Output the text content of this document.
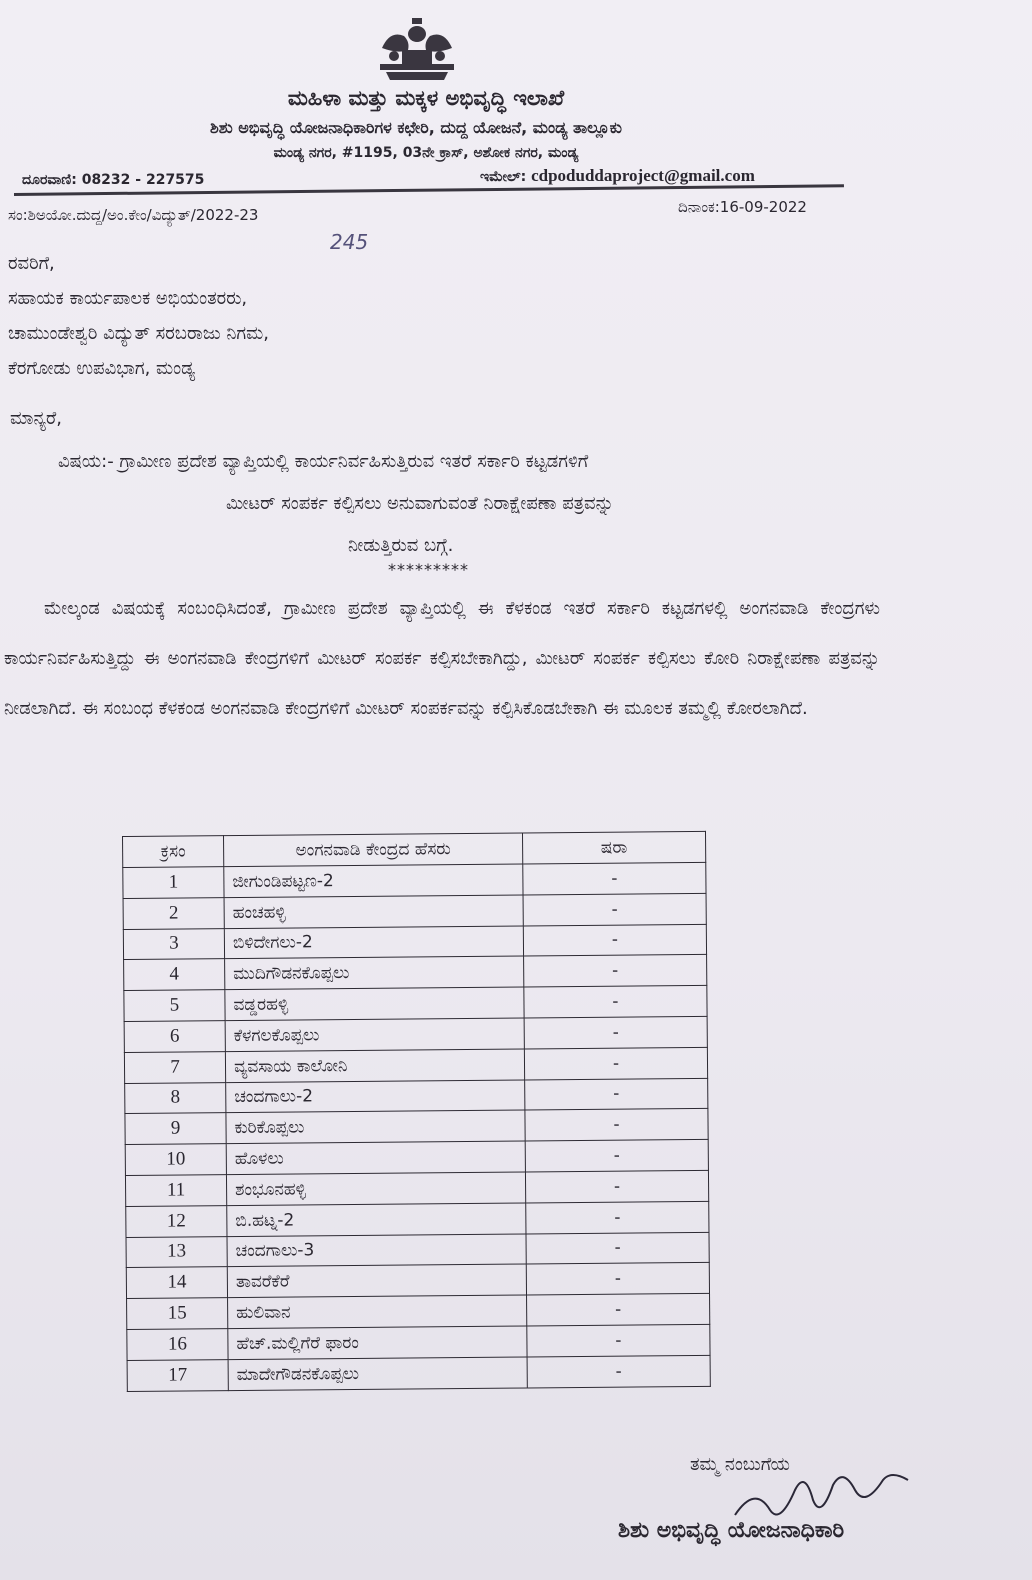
ಮಹಿಳಾ ಮತ್ತು ಮಕ್ಕಳ ಅಭಿವೃದ್ಧಿ ಇಲಾಖೆ
ಶಿಶು ಅಭಿವೃದ್ಧಿ ಯೋಜನಾಧಿಕಾರಿಗಳ ಕಛೇರಿ, ದುದ್ದ ಯೋಜನೆ, ಮಂಡ್ಯ ತಾಲ್ಲೂಕು
ಮಂಡ್ಯ ನಗರ, #1195, 03ನೇ ಕ್ರಾಸ್, ಅಶೋಕ ನಗರ, ಮಂಡ್ಯ
ದೂರವಾಣಿ: 08232 - 227575	ಇಮೇಲ್: cdpoduddaproject@gmail.com
ಸಂ:ಶಿಅಯೋ.ದುದ್ದ/ಅಂ.ಕೇಂ/ವಿದ್ಯುತ್/2022-23	ದಿನಾಂಕ:16-09-2022
245
ರವರಿಗೆ,
ಸಹಾಯಕ ಕಾರ್ಯಪಾಲಕ ಅಭಿಯಂತರರು,
ಚಾಮುಂಡೇಶ್ವರಿ ವಿದ್ಯುತ್ ಸರಬರಾಜು ನಿಗಮ,
ಕೆರಗೋಡು ಉಪವಿಭಾಗ, ಮಂಡ್ಯ
ಮಾನ್ಯರೆ,
ವಿಷಯ:- ಗ್ರಾಮೀಣ ಪ್ರದೇಶ ವ್ಯಾಪ್ತಿಯಲ್ಲಿ ಕಾರ್ಯನಿರ್ವಹಿಸುತ್ತಿರುವ ಇತರೆ ಸರ್ಕಾರಿ ಕಟ್ಟಡಗಳಿಗೆ
ಮೀಟರ್ ಸಂಪರ್ಕ ಕಲ್ಪಿಸಲು ಅನುವಾಗುವಂತೆ ನಿರಾಕ್ಷೇಪಣಾ ಪತ್ರವನ್ನು
ನೀಡುತ್ತಿರುವ ಬಗ್ಗೆ.
*********

ಮೇಲ್ಕಂಡ ವಿಷಯಕ್ಕೆ ಸಂಬಂಧಿಸಿದಂತೆ, ಗ್ರಾಮೀಣ ಪ್ರದೇಶ ವ್ಯಾಪ್ತಿಯಲ್ಲಿ ಈ ಕೆಳಕಂಡ ಇತರೆ ಸರ್ಕಾರಿ ಕಟ್ಟಡಗಳಲ್ಲಿ ಅಂಗನವಾಡಿ ಕೇಂದ್ರಗಳು ಕಾರ್ಯನಿರ್ವಹಿಸುತ್ತಿದ್ದು ಈ ಅಂಗನವಾಡಿ ಕೇಂದ್ರಗಳಿಗೆ ಮೀಟರ್ ಸಂಪರ್ಕ ಕಲ್ಪಿಸಬೇಕಾಗಿದ್ದು, ಮೀಟರ್ ಸಂಪರ್ಕ ಕಲ್ಪಿಸಲು ಕೋರಿ ನಿರಾಕ್ಷೇಪಣಾ ಪತ್ರವನ್ನು ನೀಡಲಾಗಿದೆ. ಈ ಸಂಬಂಧ ಕೆಳಕಂಡ ಅಂಗನವಾಡಿ ಕೇಂದ್ರಗಳಿಗೆ ಮೀಟರ್ ಸಂಪರ್ಕವನ್ನು ಕಲ್ಪಿಸಿಕೊಡಬೇಕಾಗಿ ಈ ಮೂಲಕ ತಮ್ಮಲ್ಲಿ ಕೋರಲಾಗಿದೆ.

ಕ್ರಸಂ	ಅಂಗನವಾಡಿ ಕೇಂದ್ರದ ಹೆಸರು	ಷರಾ
1	ಜೀಗುಂಡಿಪಟ್ಟಣ-2	-
2	ಹಂಚಹಳ್ಳಿ	-
3	ಬಿಳಿದೇಗಲು-2	-
4	ಮುದಿಗೌಡನಕೊಪ್ಪಲು	-
5	ವಡ್ಡರಹಳ್ಳಿ	-
6	ಕೆಳಗಲಕೊಪ್ಪಲು	-
7	ವ್ಯವಸಾಯ ಕಾಲೋನಿ	-
8	ಚಂದಗಾಲು-2	-
9	ಕುರಿಕೊಪ್ಪಲು	-
10	ಹೊಳಲು	-
11	ಶಂಭೂನಹಳ್ಳಿ	-
12	ಬಿ.ಹಟ್ನ-2	-
13	ಚಂದಗಾಲು-3	-
14	ತಾವರೆಕೆರೆ	-
15	ಹುಲಿವಾನ	-
16	ಹೆಚ್.ಮಲ್ಲಿಗೆರೆ ಫಾರಂ	-
17	ಮಾದೇಗೌಡನಕೊಪ್ಪಲು	-
ತಮ್ಮ ನಂಬುಗೆಯ
ಶಿಶು ಅಭಿವೃದ್ಧಿ ಯೋಜನಾಧಿಕಾರಿ
